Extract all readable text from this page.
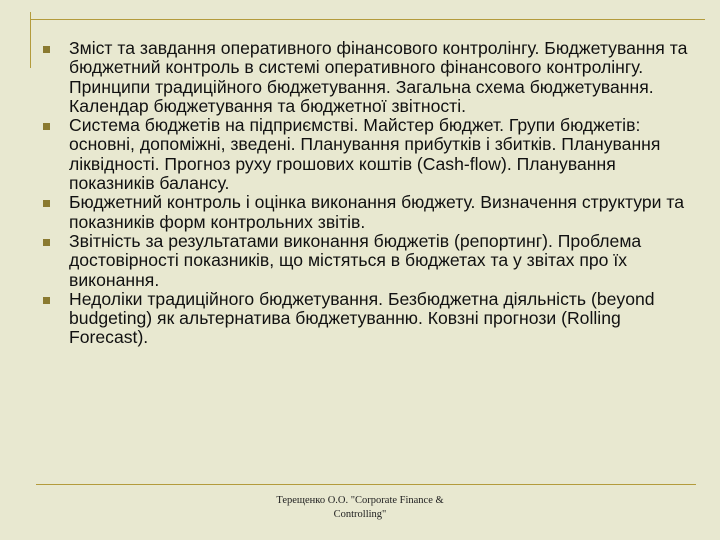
Зміст та завдання оперативного фінансового контролінгу. Бюджетування та бюджетний контроль в системі оперативного фінансового контролінгу. Принципи традиційного бюджетування. Загальна схема бюджетування. Календар бюджетування та бюджетної звітності.
Система бюджетів на підприємстві. Майстер бюджет. Групи бюджетів: основні, допоміжні, зведені. Планування прибутків і збитків. Планування ліквідності. Прогноз руху грошових коштів (Cash-flow). Планування показників балансу.
Бюджетний контроль і оцінка виконання бюджету. Визначення структури та показників форм контрольних звітів.
Звітність за результатами виконання бюджетів (репортинг). Проблема достовірності показників, що містяться в бюджетах та у звітах про їх виконання.
Недоліки традиційного бюджетування. Безбюджетна діяльність (beyond budgeting) як альтернатива бюджетуванню. Ковзні прогнози (Rolling Forecast).
Терещенко О.О. "Corporate Finance &
Controlling"
